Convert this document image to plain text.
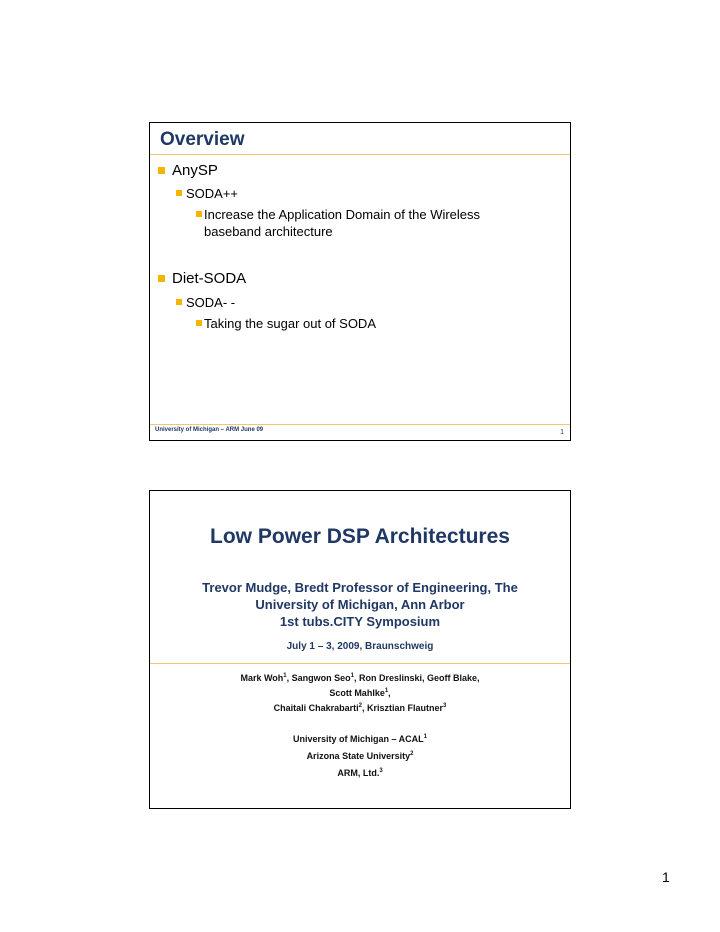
Overview
AnySP
SODA++
Increase the Application Domain of the Wireless baseband architecture
Diet-SODA
SODA- -
Taking the sugar out of SODA
University of Michigan – ARM June 09	1
Low Power DSP Architectures
Trevor Mudge, Bredt Professor of Engineering, The
University of Michigan, Ann Arbor
1st tubs.CITY Symposium
July 1 – 3, 2009, Braunschweig
Mark Woh$^1$, Sangwon Seo$^1$, Ron Dreslinski, Geoff Blake,
Scott Mahlke$^1$,
Chaitali Chakrabarti$^2$, Krisztian Flautner$^3$
University of Michigan – ACAL$^1$
Arizona State University$^2$
ARM, Ltd.$^3$
1
